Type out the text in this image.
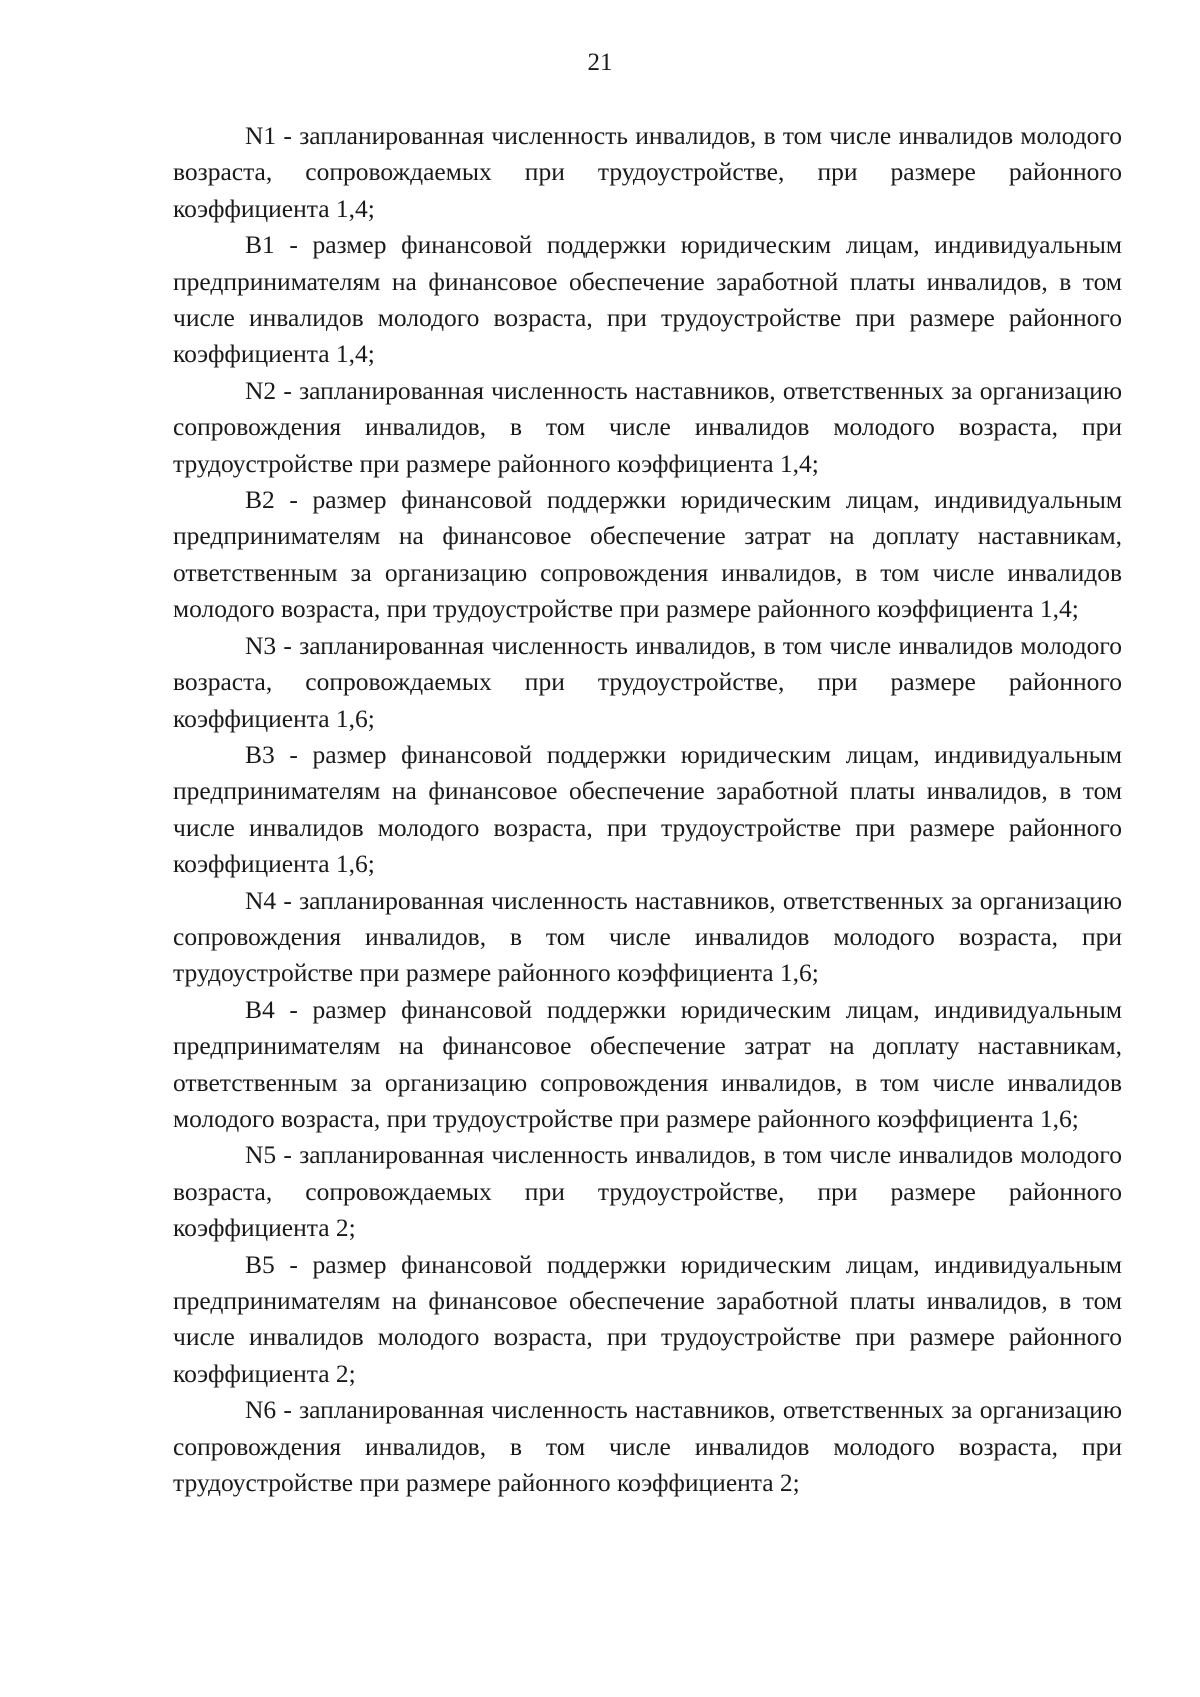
21

N1 - запланированная численность инвалидов, в том числе инвалидов молодого возраста, сопровождаемых при трудоустройстве, при размере районного коэффициента 1,4;

B1 - размер финансовой поддержки юридическим лицам, индивидуальным предпринимателям на финансовое обеспечение заработной платы инвалидов, в том числе инвалидов молодого возраста, при трудоустройстве при размере районного коэффициента 1,4;

N2 - запланированная численность наставников, ответственных за организацию сопровождения инвалидов, в том числе инвалидов молодого возраста, при трудоустройстве при размере районного коэффициента 1,4;

B2 - размер финансовой поддержки юридическим лицам, индивидуальным предпринимателям на финансовое обеспечение затрат на доплату наставникам, ответственным за организацию сопровождения инвалидов, в том числе инвалидов молодого возраста, при трудоустройстве при размере районного коэффициента 1,4;

N3 - запланированная численность инвалидов, в том числе инвалидов молодого возраста, сопровождаемых при трудоустройстве, при размере районного коэффициента 1,6;

B3 - размер финансовой поддержки юридическим лицам, индивидуальным предпринимателям на финансовое обеспечение заработной платы инвалидов, в том числе инвалидов молодого возраста, при трудоустройстве при размере районного коэффициента 1,6;

N4 - запланированная численность наставников, ответственных за организацию сопровождения инвалидов, в том числе инвалидов молодого возраста, при трудоустройстве при размере районного коэффициента 1,6;

B4 - размер финансовой поддержки юридическим лицам, индивидуальным предпринимателям на финансовое обеспечение затрат на доплату наставникам, ответственным за организацию сопровождения инвалидов, в том числе инвалидов молодого возраста, при трудоустройстве при размере районного коэффициента 1,6;

N5 - запланированная численность инвалидов, в том числе инвалидов молодого возраста, сопровождаемых при трудоустройстве, при размере районного коэффициента 2;

B5 - размер финансовой поддержки юридическим лицам, индивидуальным предпринимателям на финансовое обеспечение заработной платы инвалидов, в том числе инвалидов молодого возраста, при трудоустройстве при размере районного коэффициента 2;

N6 - запланированная численность наставников, ответственных за организацию сопровождения инвалидов, в том числе инвалидов молодого возраста, при трудоустройстве при размере районного коэффициента 2;
